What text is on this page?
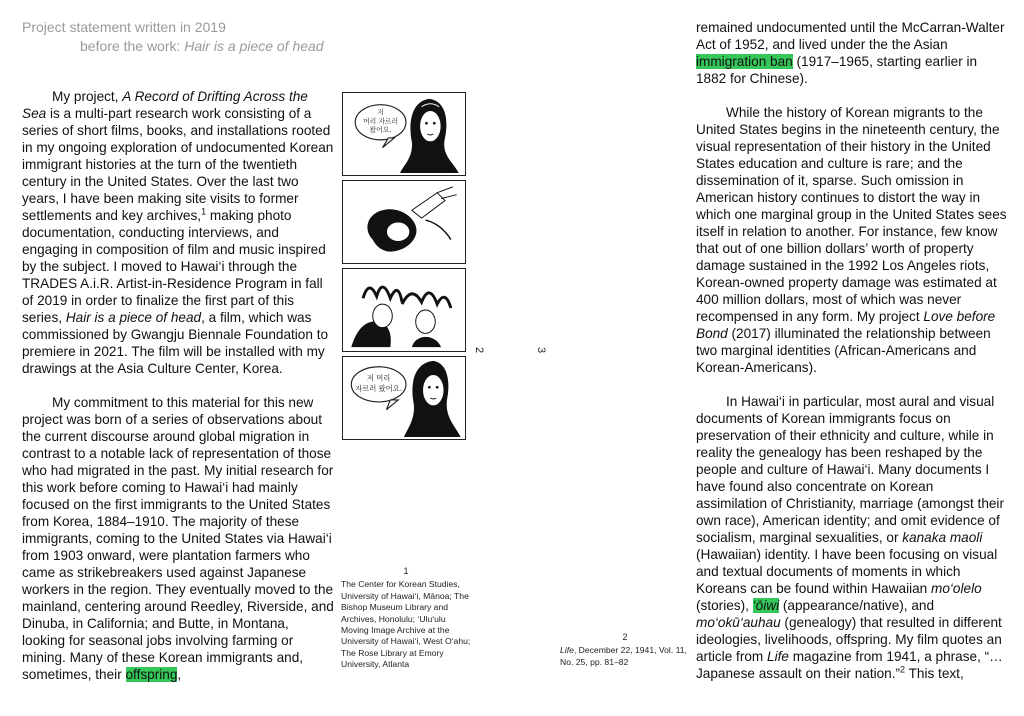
Project statement written in 2019
before the work: Hair is a piece of head

My project, A Record of Drifting Across the Sea is a multi-part research work consisting of a series of short films, books, and installations rooted in my ongoing exploration of undocumented Korean immigrant histories at the turn of the twentieth century in the United States. Over the last two years, I have been making site visits to former settlements and key archives,$^1$ making photo documentation, conducting interviews, and engaging in composition of film and music inspired by the subject. I moved to Hawai‘i through the TRADES A.i.R. Artist-in-Residence Program in fall of 2019 in order to finalize the first part of this series, Hair is a piece of head, a film, which was commissioned by Gwangju Biennale Foundation to premiere in 2021. The film will be installed with my drawings at the Asia Culture Center, Korea.

My commitment to this material for this new project was born of a series of observations about the current discourse around global migration in contrast to a notable lack of representation of those who had migrated in the past. My initial research for this work before coming to Hawai‘i had mainly focused on the first immigrants to the United States from Korea, 1884–1910. The majority of these immigrants, coming to the United States via Hawai‘i from 1903 onward, were plantation farmers who came as strikebreakers used against Japanese workers in the region. They eventually moved to the mainland, centering around Reedley, Riverside, and Dinuba, in California; and Butte, in Montana, looking for seasonal jobs involving farming or mining. Many of these Korean immigrants and, sometimes, their offspring,

저
머리 자르러
왔어요.
저 머리
자르러 왔어요.
2	3
1
The Center for Korean Studies, University of Hawai‘i, Mānoa; The Bishop Museum Library and Archives, Honolulu; ‘Ulu‘ulu Moving Image Archive at the University of Hawai‘i, West O‘ahu; The Rose Library at Emory University, Atlanta
2
Life, December 22, 1941, Vol. 11, No. 25, pp. 81–82

remained undocumented until the McCarran-Walter Act of 1952, and lived under the the Asian immigration ban (1917–1965, starting earlier in 1882 for Chinese).

While the history of Korean migrants to the United States begins in the nineteenth century, the visual representation of their history in the United States education and culture is rare; and the dissemination of it, sparse. Such omission in American history continues to distort the way in which one marginal group in the United States sees itself in relation to another. For instance, few know that out of one billion dollars’ worth of property damage sustained in the 1992 Los Angeles riots, Korean-owned property damage was estimated at 400 million dollars, most of which was never recompensed in any form. My project Love before Bond (2017) illuminated the relationship between two marginal identities (African-Americans and Korean-Americans).

In Hawai‘i in particular, most aural and visual documents of Korean immigrants focus on preservation of their ethnicity and culture, while in reality the genealogy has been reshaped by the people and culture of Hawai‘i. Many documents I have found also concentrate on Korean assimilation of Christianity, marriage (amongst their own race), American identity; and omit evidence of socialism, marginal sexualities, or kanaka maoli (Hawaiian) identity. I have been focusing on visual and textual documents of moments in which Koreans can be found within Hawaiian mo‘olelo (stories), ‘ōiwi (appearance/native), and mo‘okū‘auhau (genealogy) that resulted in different ideologies, livelihoods, offspring. My film quotes an article from Life magazine from 1941, a phrase, “… Japanese assault on their nation.”$^2$ This text,
